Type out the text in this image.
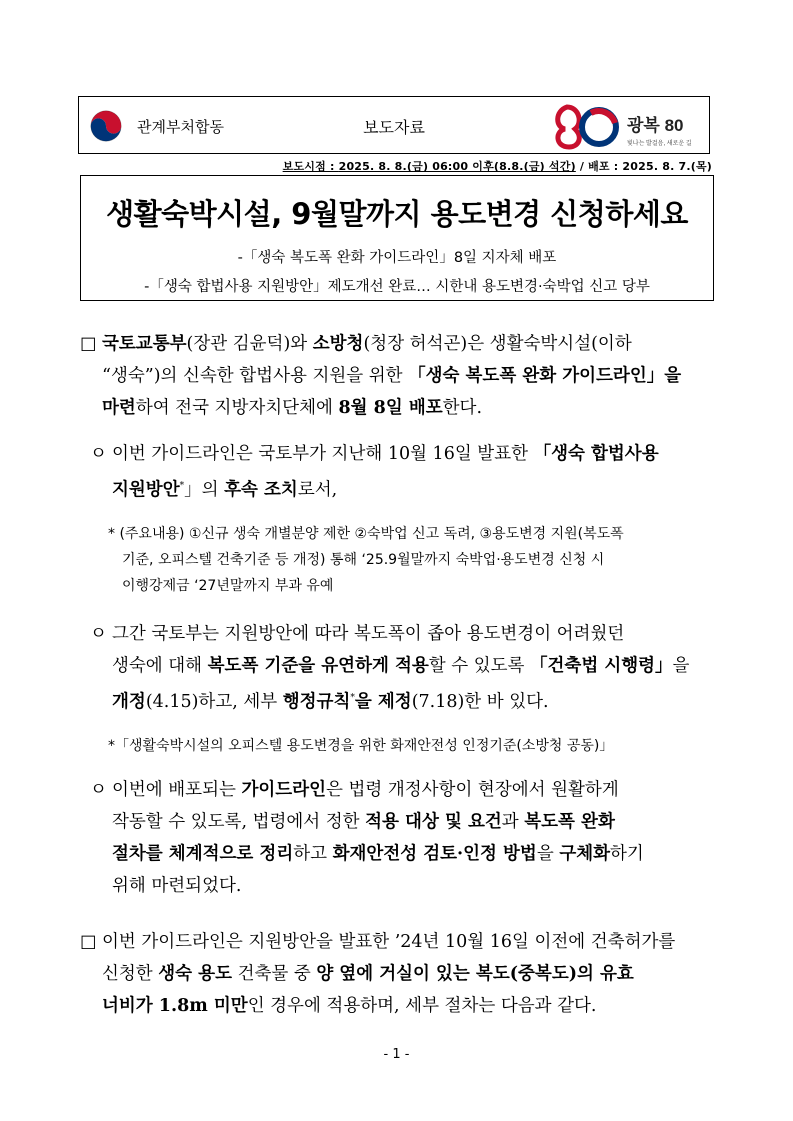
관계부처합동	보도자료	광복 80
빛나는 발걸음, 새로운 길
보도시점 : 2025. 8. 8.(금) 06:00 이후(8.8.(금) 석간) / 배포 : 2025. 8. 7.(목)
생활숙박시설, 9월말까지 용도변경 신청하세요
-「생숙 복도폭 완화 가이드라인」8일 지자체 배포
-「생숙 합법사용 지원방안」제도개선 완료… 시한내 용도변경·숙박업 신고 당부
□ 국토교통부(장관 김윤덕)와 소방청(청장 허석곤)은 생활숙박시설(이하
“생숙”)의 신속한 합법사용 지원을 위한 「생숙 복도폭 완화 가이드라인」을
마련하여 전국 지방자치단체에 8월 8일 배포한다.
ㅇ 이번 가이드라인은 국토부가 지난해 10월 16일 발표한 「생숙 합법사용
지원방안*」의 후속 조치로서,
* (주요내용) ①신규 생숙 개별분양 제한 ②숙박업 신고 독려, ③용도변경 지원(복도폭
기준, 오피스텔 건축기준 등 개정) 통해 ‘25.9월말까지 숙박업·용도변경 신청 시
이행강제금 ‘27년말까지 부과 유예
ㅇ 그간 국토부는 지원방안에 따라 복도폭이 좁아 용도변경이 어려웠던
생숙에 대해 복도폭 기준을 유연하게 적용할 수 있도록 「건축법 시행령」을
개정(4.15)하고, 세부 행정규칙*을 제정(7.18)한 바 있다.
*「생활숙박시설의 오피스텔 용도변경을 위한 화재안전성 인정기준(소방청 공동)」
ㅇ 이번에 배포되는 가이드라인은 법령 개정사항이 현장에서 원활하게
작동할 수 있도록, 법령에서 정한 적용 대상 및 요건과 복도폭 완화
절차를 체계적으로 정리하고 화재안전성 검토·인정 방법을 구체화하기
위해 마련되었다.
□ 이번 가이드라인은 지원방안을 발표한 ’24년 10월 16일 이전에 건축허가를
신청한 생숙 용도 건축물 중 양 옆에 거실이 있는 복도(중복도)의 유효
너비가 1.8m 미만인 경우에 적용하며, 세부 절차는 다음과 같다.
- 1 -
